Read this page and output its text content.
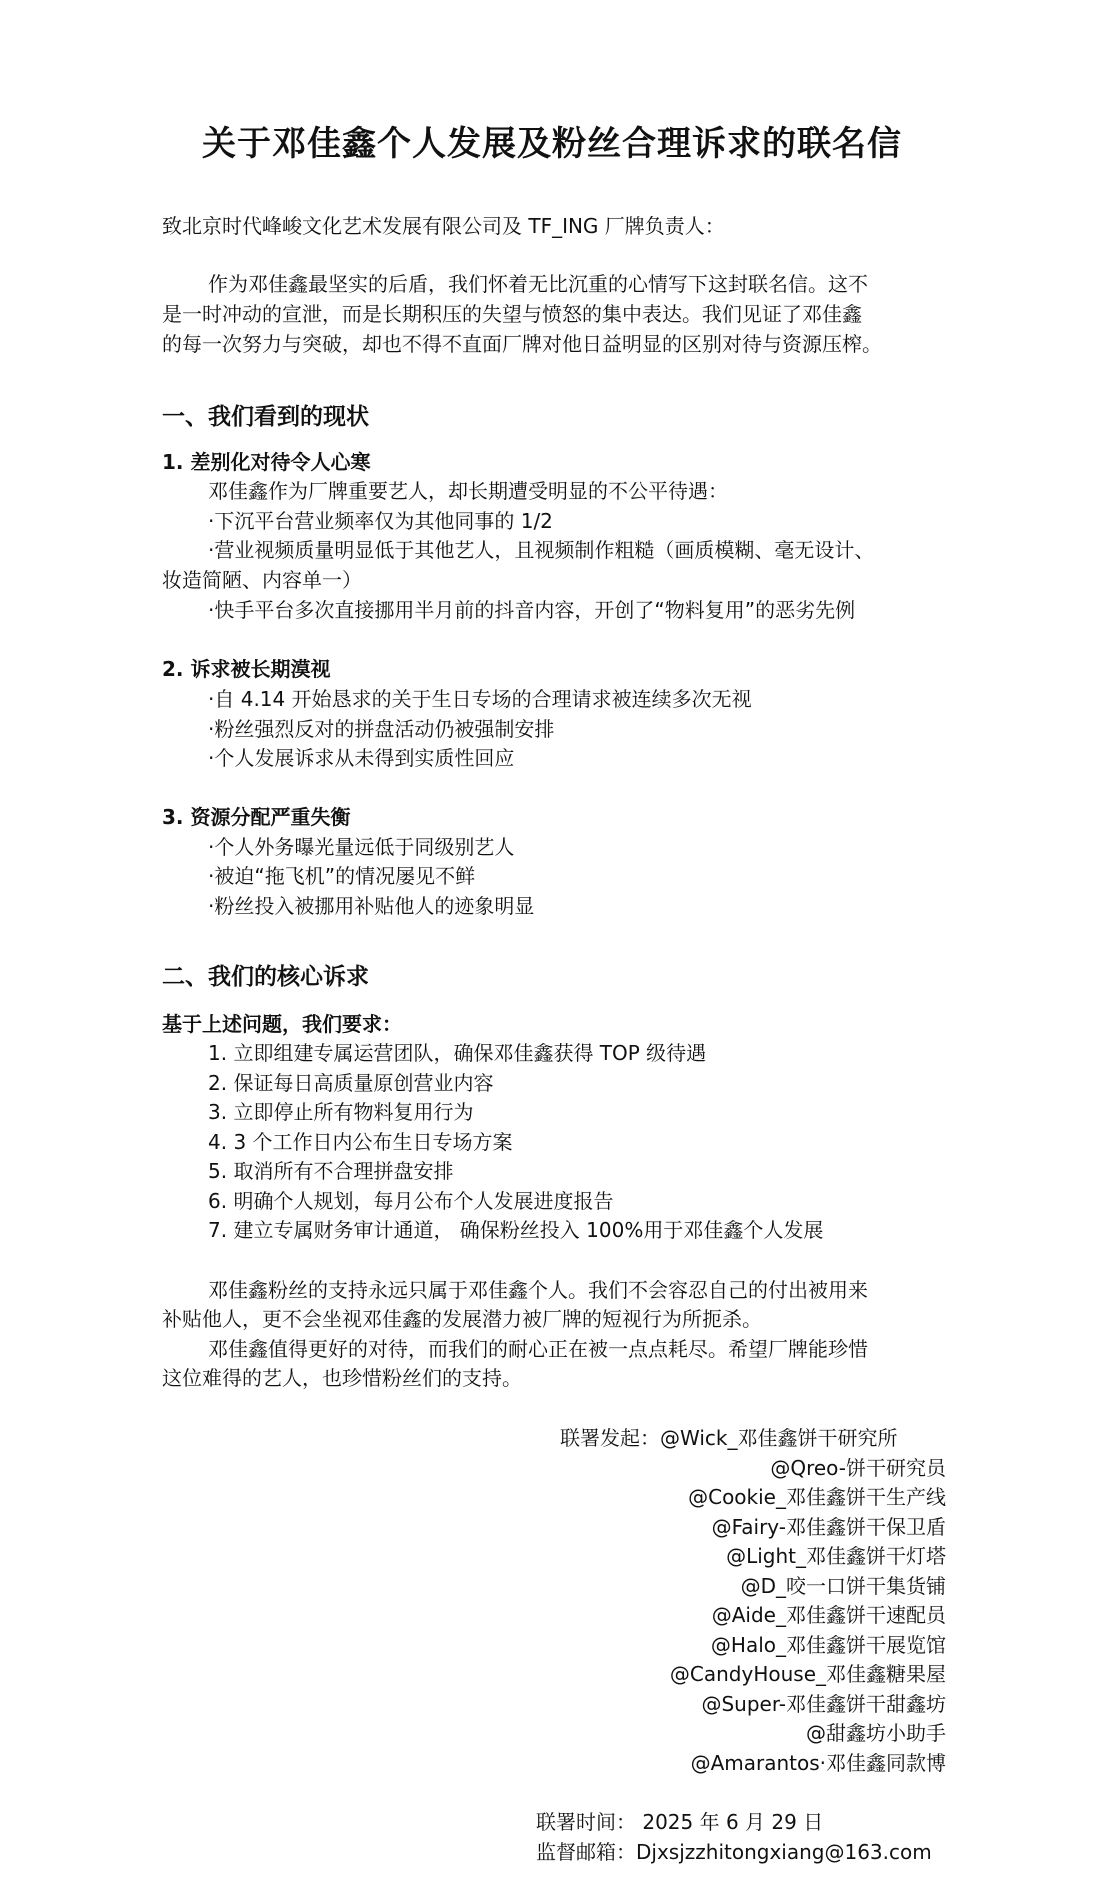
关于邓佳鑫个人发展及粉丝合理诉求的联名信
致北京时代峰峻文化艺术发展有限公司及 TF_ING 厂牌负责人：
作为邓佳鑫最坚实的后盾，我们怀着无比沉重的心情写下这封联名信。这不
是一时冲动的宣泄，而是长期积压的失望与愤怒的集中表达。我们见证了邓佳鑫
的每一次努力与突破，却也不得不直面厂牌对他日益明显的区别对待与资源压榨。
一、我们看到的现状
1. 差别化对待令人心寒
邓佳鑫作为厂牌重要艺人，却长期遭受明显的不公平待遇：
·下沉平台营业频率仅为其他同事的 1/2
·营业视频质量明显低于其他艺人，且视频制作粗糙（画质模糊、毫无设计、
妆造简陋、内容单一）
·快手平台多次直接挪用半月前的抖音内容，开创了“物料复用”的恶劣先例
2. 诉求被长期漠视
·自 4.14 开始恳求的关于生日专场的合理请求被连续多次无视
·粉丝强烈反对的拼盘活动仍被强制安排
·个人发展诉求从未得到实质性回应
3. 资源分配严重失衡
·个人外务曝光量远低于同级别艺人
·被迫“拖飞机”的情况屡见不鲜
·粉丝投入被挪用补贴他人的迹象明显
二、我们的核心诉求
基于上述问题，我们要求：
1. 立即组建专属运营团队，确保邓佳鑫获得 TOP 级待遇
2. 保证每日高质量原创营业内容
3. 立即停止所有物料复用行为
4. 3 个工作日内公布生日专场方案
5. 取消所有不合理拼盘安排
6. 明确个人规划，每月公布个人发展进度报告
7. 建立专属财务审计通道， 确保粉丝投入 100%用于邓佳鑫个人发展
邓佳鑫粉丝的支持永远只属于邓佳鑫个人。我们不会容忍自己的付出被用来
补贴他人，更不会坐视邓佳鑫的发展潜力被厂牌的短视行为所扼杀。
邓佳鑫值得更好的对待，而我们的耐心正在被一点点耗尽。希望厂牌能珍惜
这位难得的艺人，也珍惜粉丝们的支持。
联署发起：@Wick_邓佳鑫饼干研究所
@Qreo-饼干研究员
@Cookie_邓佳鑫饼干生产线
@Fairy-邓佳鑫饼干保卫盾
@Light_邓佳鑫饼干灯塔
@D_咬一口饼干集货铺
@Aide_邓佳鑫饼干速配员
@Halo_邓佳鑫饼干展览馆
@CandyHouse_邓佳鑫糖果屋
@Super-邓佳鑫饼干甜鑫坊
@甜鑫坊小助手
@Amarantos·邓佳鑫同款博
联署时间： 2025 年 6 月 29 日
监督邮箱：Djxsjzzhitongxiang@163.com
